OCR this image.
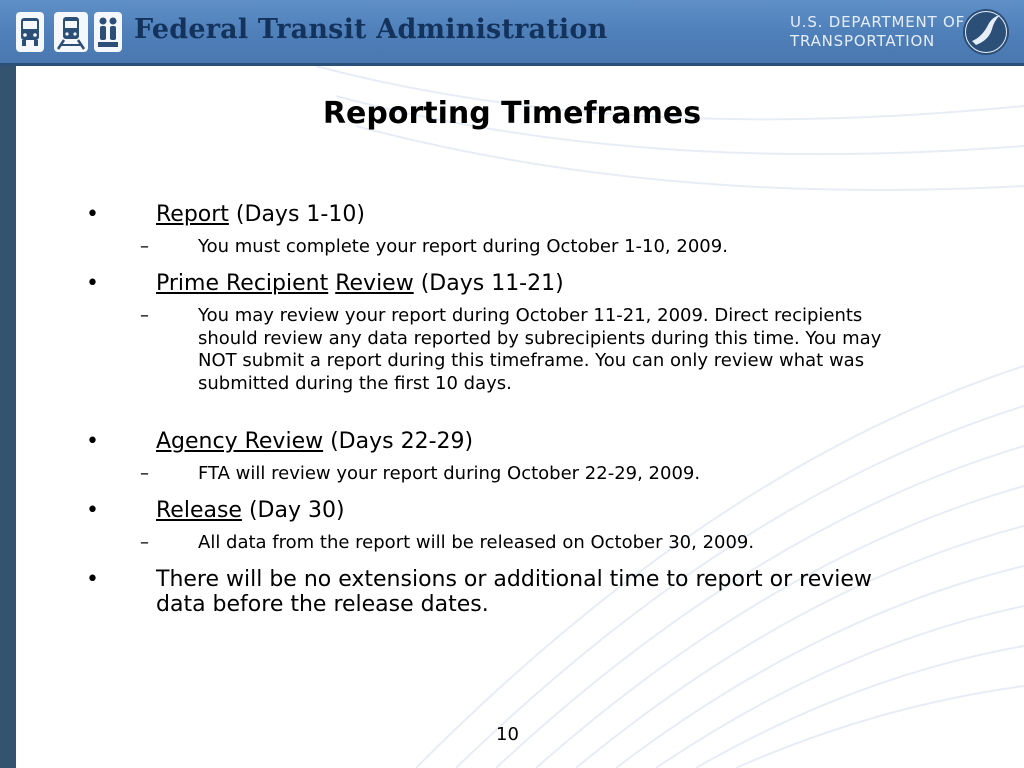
Federal Transit Administration	U.S. DEPARTMENT OF
TRANSPORTATION
Reporting Timeframes
•	Report (Days 1-10)
–	You must complete your report during October 1-10, 2009.
•	Prime Recipient Review (Days 11-21)
–	You may review your report during October 11-21, 2009. Direct recipients should review any data reported by subrecipients during this time. You may NOT submit a report during this timeframe. You can only review what was submitted during the first 10 days.
•	Agency Review (Days 22-29)
–	FTA will review your report during October 22-29, 2009.
•	Release (Day 30)
–	All data from the report will be released on October 30, 2009.
•	There will be no extensions or additional time to report or review data before the release dates.
10
